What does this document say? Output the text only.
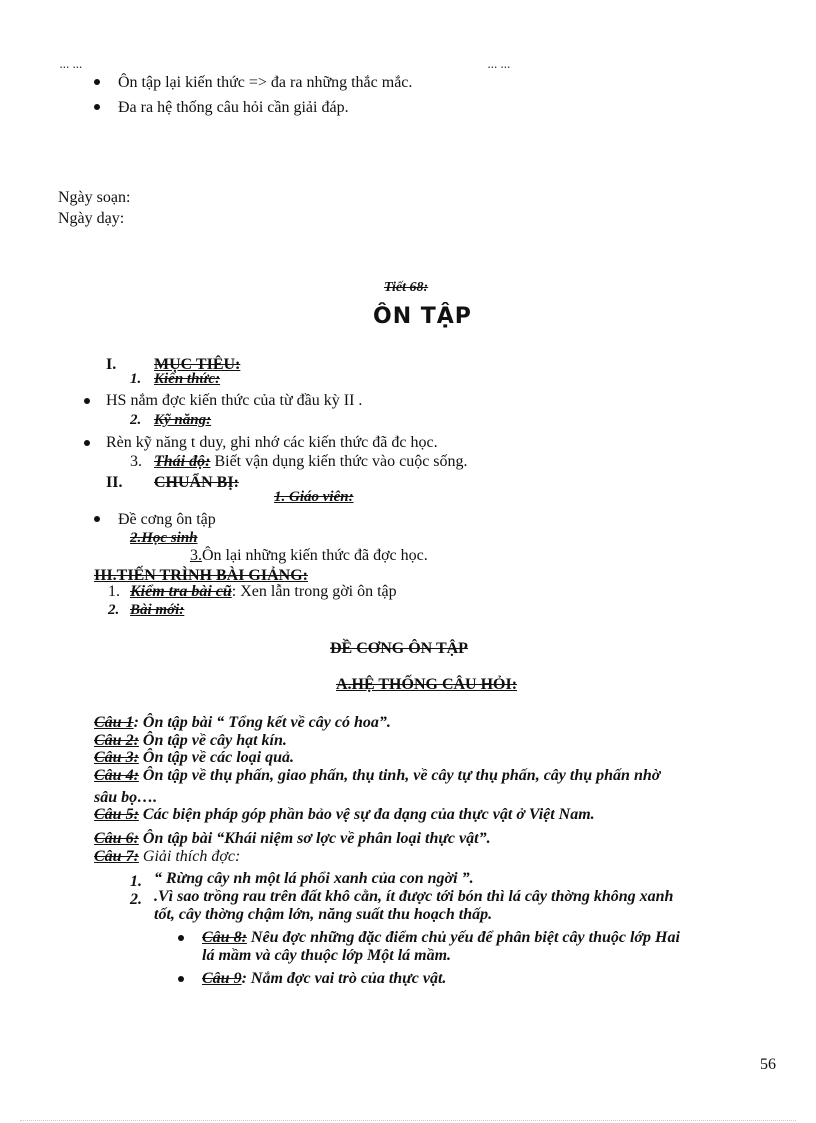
... ...	... ...
Ôn tập lại kiến thức => đa ra những thắc mắc.
Đa ra hệ thống câu hỏi cần giải đáp.
Ngày soạn:
Ngày dạy:
Tiết 68:
ÔN TẬP
I. MỤC TIÊU:
1. Kiến thức:
HS nắm đợc kiến thức của từ đầu kỳ II .
2. Kỹ năng:
Rèn kỹ năng t duy, ghi nhớ các kiến thức đã đc học.
3. Thái độ: Biết vận dụng kiến thức vào cuộc sống.
II. CHUẨN BỊ:
1. Giáo viên:
Đề cơng ôn tập
2.Học sinh
3.Ôn lại những kiến thức đã đợc học.
III.TIẾN TRÌNH BÀI GIẢNG:
1. Kiểm tra bài cũ: Xen lẫn trong gời ôn tập
2. Bài mới:
ĐỀ CƠNG ÔN TẬP
A.HỆ THỐNG CÂU HỎI:
Câu 1: Ôn tập bài “ Tổng kết về cây có hoa”.
Câu 2: Ôn tập về cây hạt kín.
Câu 3: Ôn tập về các loại quả.
Câu 4: Ôn tập về thụ phấn, giao phấn, thụ tinh, về cây tự thụ phấn, cây thụ phấn nhờ
sâu bọ….
Câu 5: Các biện pháp góp phần bảo vệ sự đa dạng của thực vật ở Việt Nam.
Câu 6: Ôn tập bài “Khái niệm sơ lợc về phân loại thực vật”.
Câu 7: Giải thích đợc:
1. “ Rừng cây nh một lá phổi xanh của con ngời ”.
2. .Vì sao trồng rau trên đất khô cằn, ít được tới bón thì lá cây thờng không xanh
tốt, cây thờng chậm lớn, năng suất thu hoạch thấp.
Câu 8: Nêu đợc những đặc điểm chủ yếu để phân biệt cây thuộc lớp Hai
lá mầm và cây thuộc lớp Một lá mầm.
Câu 9: Nắm đợc vai trò của thực vật.
56
